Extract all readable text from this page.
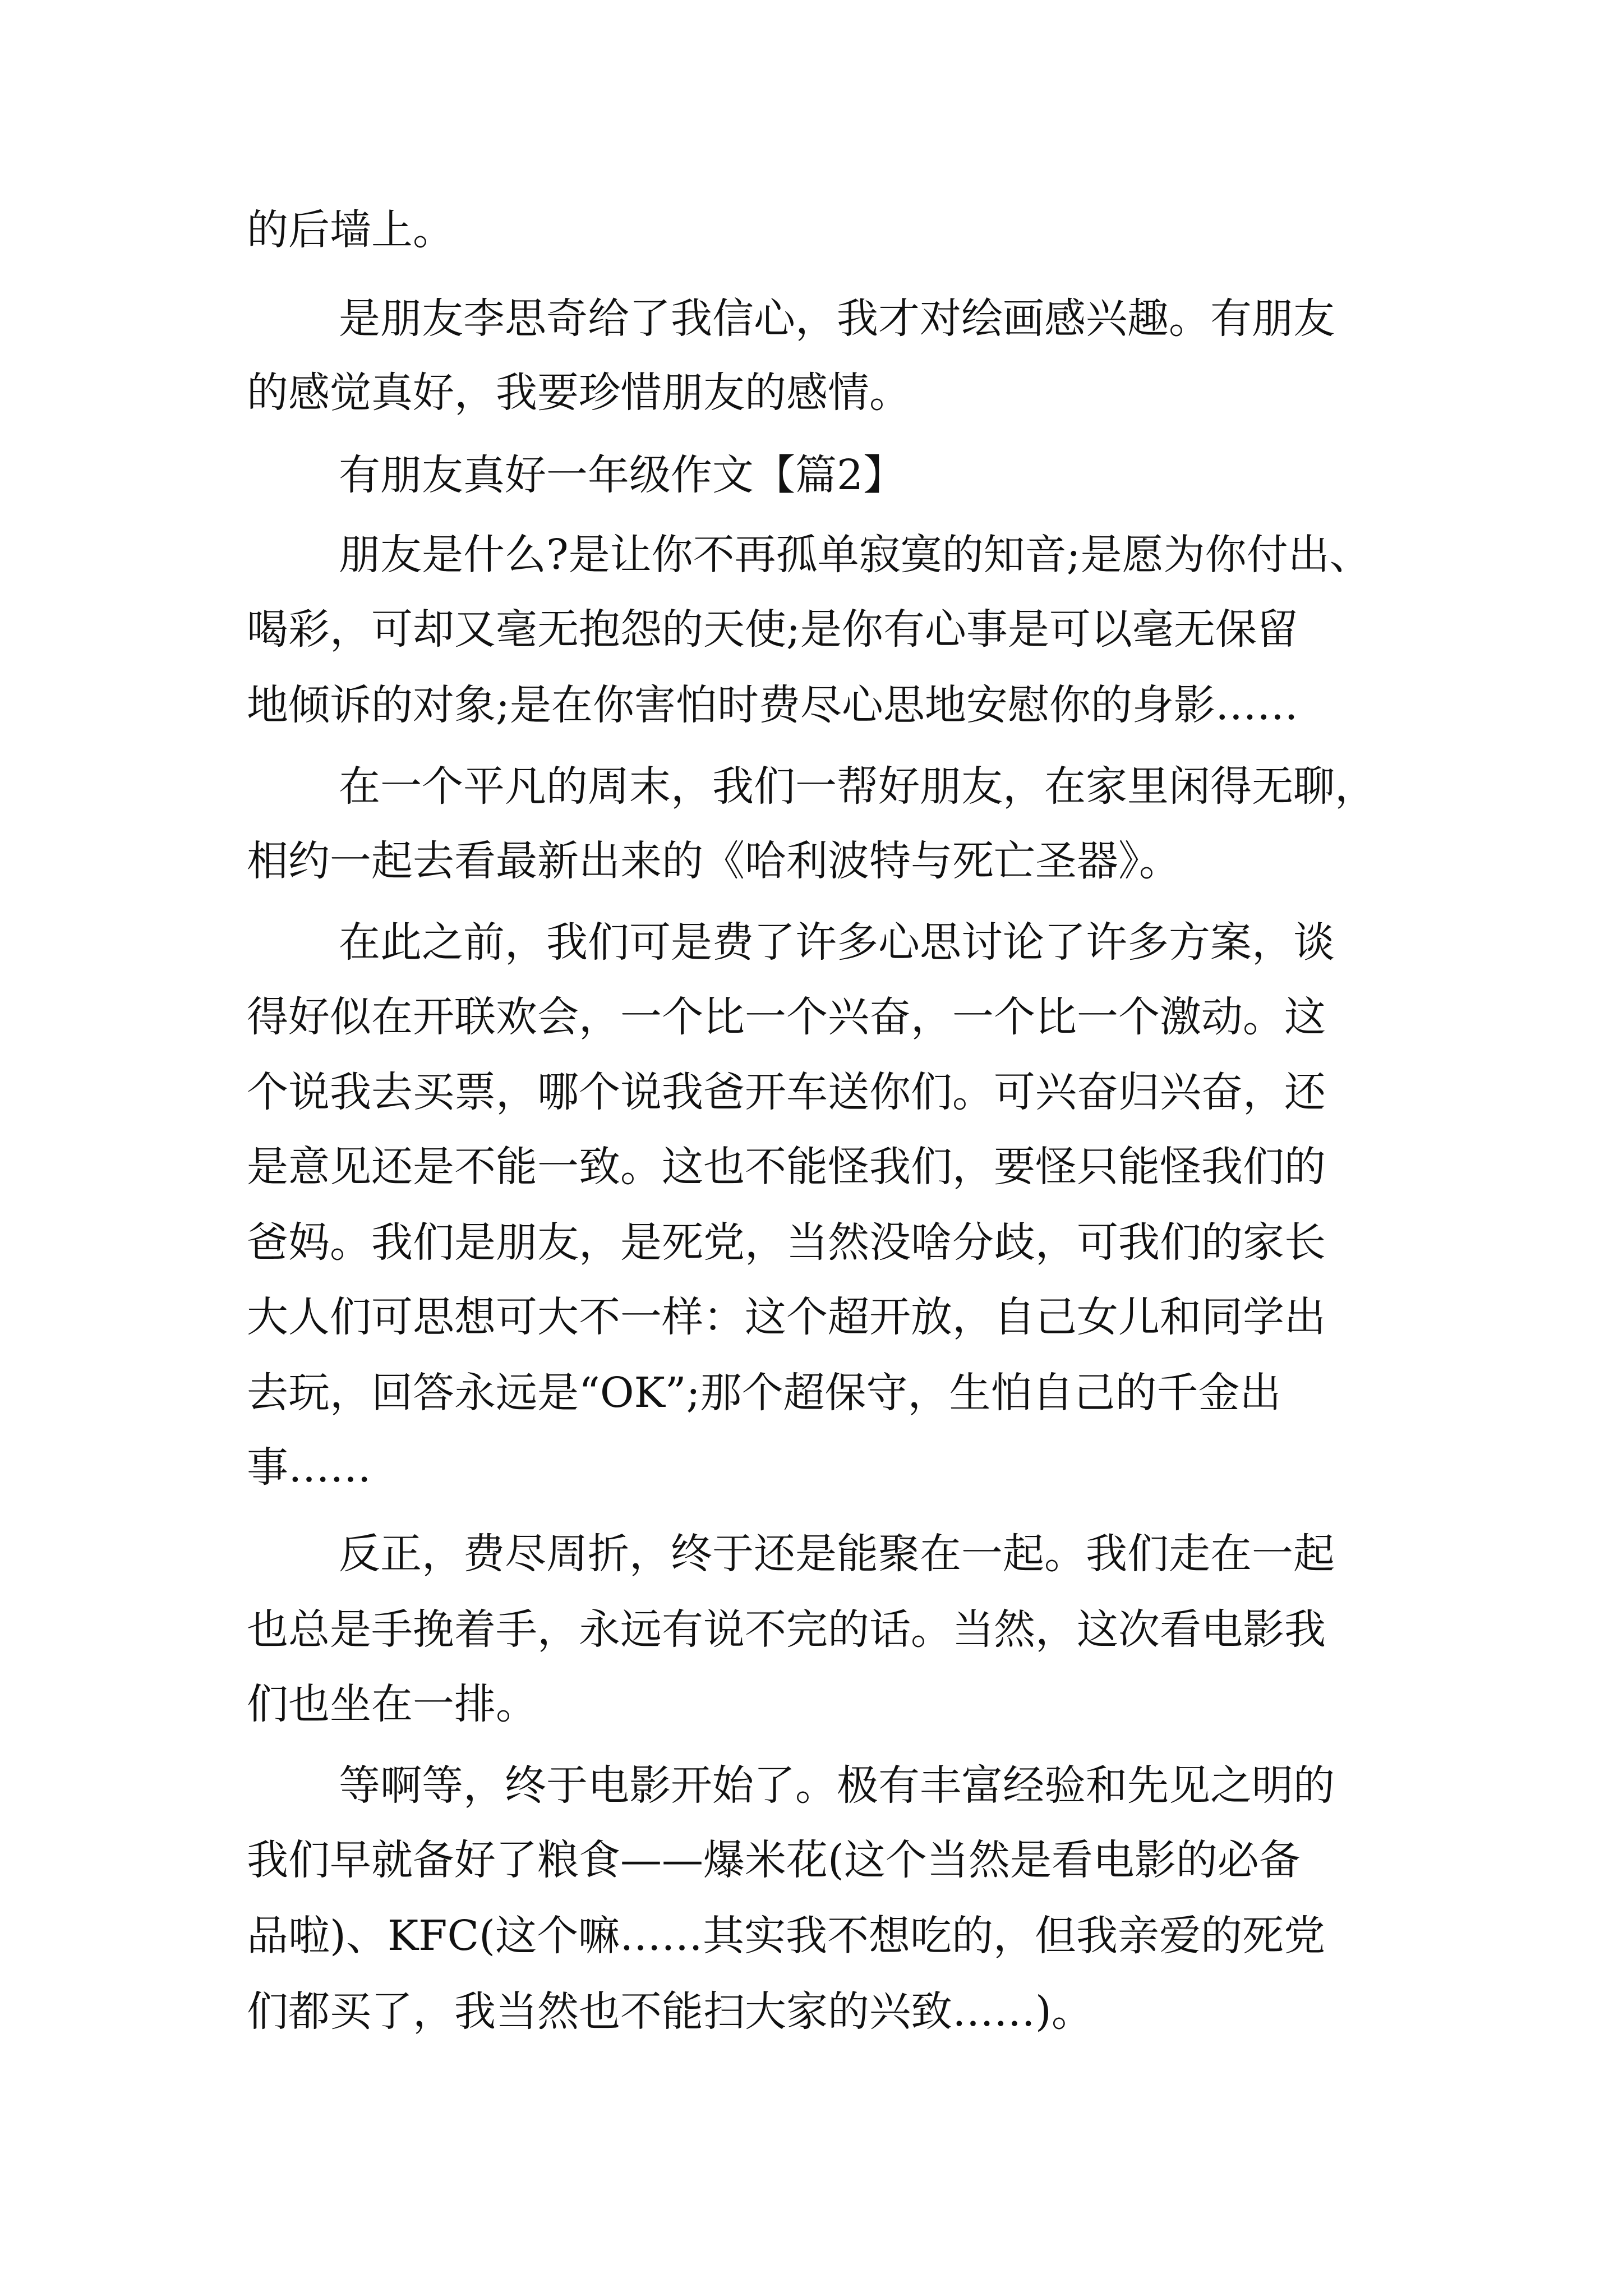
的后墙上。
是朋友李思奇给了我信心，我才对绘画感兴趣。有朋友
的感觉真好，我要珍惜朋友的感情。
有朋友真好一年级作文【篇2】
朋友是什么?是让你不再孤单寂寞的知音;是愿为你付出、
喝彩，可却又毫无抱怨的天使;是你有心事是可以毫无保留
地倾诉的对象;是在你害怕时费尽心思地安慰你的身影……
在一个平凡的周末，我们一帮好朋友，在家里闲得无聊，
相约一起去看最新出来的《哈利波特与死亡圣器》。
在此之前，我们可是费了许多心思讨论了许多方案，谈
得好似在开联欢会，一个比一个兴奋，一个比一个激动。这
个说我去买票，哪个说我爸开车送你们。可兴奋归兴奋，还
是意见还是不能一致。这也不能怪我们，要怪只能怪我们的
爸妈。我们是朋友，是死党，当然没啥分歧，可我们的家长
大人们可思想可大不一样：这个超开放，自己女儿和同学出
去玩，回答永远是“OK”;那个超保守，生怕自己的千金出
事……
反正，费尽周折，终于还是能聚在一起。我们走在一起
也总是手挽着手，永远有说不完的话。当然，这次看电影我
们也坐在一排。
等啊等，终于电影开始了。极有丰富经验和先见之明的
我们早就备好了粮食——爆米花(这个当然是看电影的必备
品啦)、KFC(这个嘛……其实我不想吃的，但我亲爱的死党
们都买了，我当然也不能扫大家的兴致……)。
